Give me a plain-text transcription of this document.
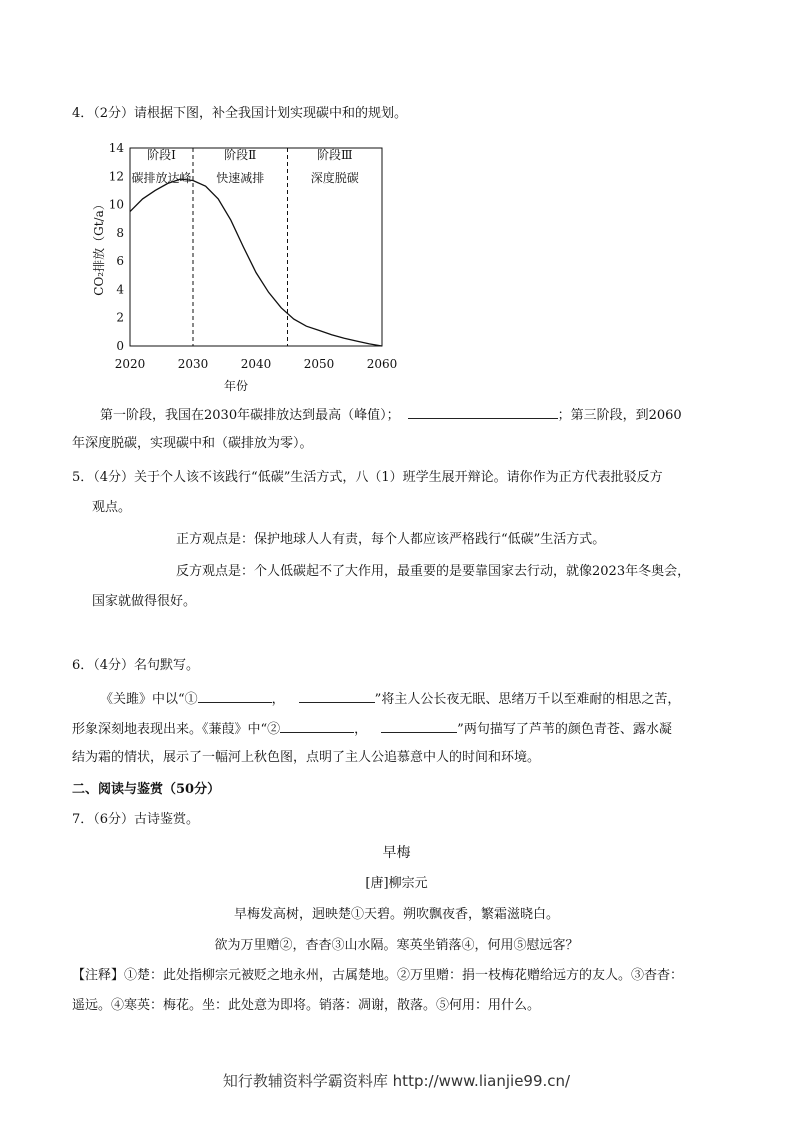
4．（2分）请根据下图，补全我国计划实现碳中和的规划。
0
2
4
6
8
10
12
14
2020	2030	2040	2050	2060
阶段Ⅰ	阶段Ⅱ	阶段Ⅲ
碳排放达峰 快速减排	深度脱碳
年份
CO₂排放（Gt/a）
第一阶段，我国在2030年碳排放达到最高（峰值）；	；第三阶段，到2060
年深度脱碳，实现碳中和（碳排放为零）。
5．（4分）关于个人该不该践行“低碳”生活方式，八（1）班学生展开辩论。请你作为正方代表批驳反方
观点。
正方观点是：保护地球人人有责，每个人都应该严格践行“低碳”生活方式。
反方观点是：个人低碳起不了大作用，最重要的是要靠国家去行动，就像2023年冬奥会，
国家就做得很好。
6．（4分）名句默写。
《关雎》中以“①	，	”将主人公长夜无眠、思绪万千以至难耐的相思之苦，
形象深刻地表现出来。《蒹葭》中“②	，	”两句描写了芦苇的颜色青苍、露水凝
结为霜的情状，展示了一幅河上秋色图，点明了主人公追慕意中人的时间和环境。
二、阅读与鉴赏（50分）
7．（6分）古诗鉴赏。
早梅
[唐]柳宗元
早梅发高树，迥映楚①天碧。朔吹飘夜香，繁霜滋晓白。
欲为万里赠②，杳杳③山水隔。寒英坐销落④，何用⑤慰远客？
【注释】①楚：此处指柳宗元被贬之地永州，古属楚地。②万里赠：捐一枝梅花赠给远方的友人。③杳杳：
遥远。④寒英：梅花。坐：此处意为即将。销落：凋谢，散落。⑤何用：用什么。
知行教辅资料学霸资料库 http://www.lianjie99.cn/
